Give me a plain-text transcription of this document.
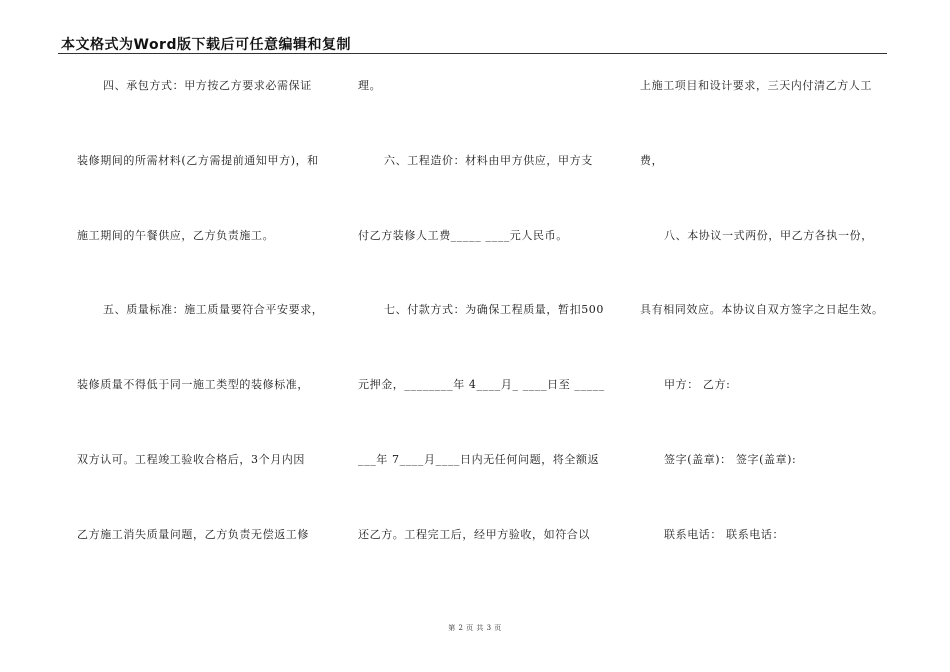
本文格式为Word版下载后可任意编辑和复制
四、承包方式：甲方按乙方要求必需保证
装修期间的所需材料(乙方需提前通知甲方)，和
施工期间的午餐供应，乙方负责施工。
五、质量标准：施工质量要符合平安要求，
装修质量不得低于同一施工类型的装修标准，
双方认可。工程竣工验收合格后，3个月内因
乙方施工消失质量问题，乙方负责无偿返工修
理。
六、工程造价：材料由甲方供应，甲方支
付乙方装修人工费_____ ____元人民币。
七、付款方式：为确保工程质量，暂扣500
元押金，________年 4____月_ ____日至 _____
___年 7____月____日内无任何问题，将全额返
还乙方。工程完工后，经甲方验收，如符合以
上施工项目和设计要求，三天内付清乙方人工
费，
八、本协议一式两份，甲乙方各执一份，
具有相同效应。本协议自双方签字之日起生效。
甲方： 乙方:
签字(盖章)： 签字(盖章):
联系电话： 联系电话：
第 2 页 共 3 页
